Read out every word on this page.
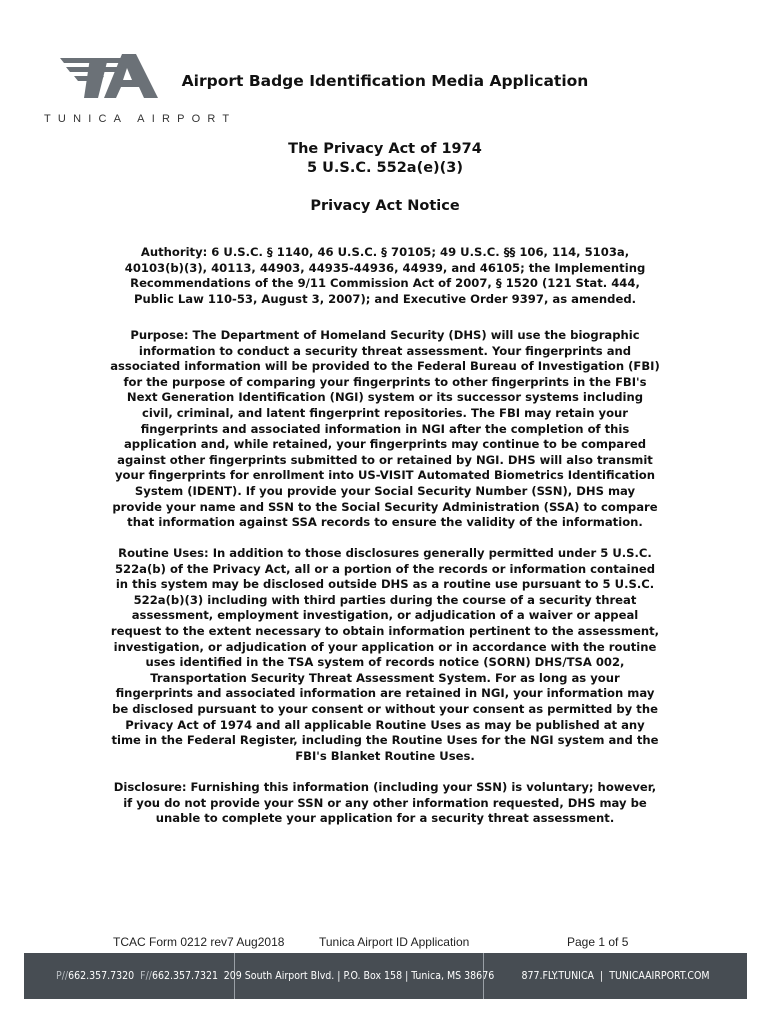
TUNICA AIRPORT
Airport Badge Identification Media Application
The Privacy Act of 1974
5 U.S.C. 552a(e)(3)
Privacy Act Notice
Authority: 6 U.S.C. § 1140, 46 U.S.C. § 70105; 49 U.S.C. §§ 106, 114, 5103a, 40103(b)(3), 40113, 44903, 44935-44936, 44939, and 46105; the Implementing Recommendations of the 9/11 Commission Act of 2007, § 1520 (121 Stat. 444, Public Law 110-53, August 3, 2007); and Executive Order 9397, as amended.
Purpose: The Department of Homeland Security (DHS) will use the biographic information to conduct a security threat assessment. Your fingerprints and associated information will be provided to the Federal Bureau of Investigation (FBI) for the purpose of comparing your fingerprints to other fingerprints in the FBI's Next Generation Identification (NGI) system or its successor systems including civil, criminal, and latent fingerprint repositories. The FBI may retain your fingerprints and associated information in NGI after the completion of this application and, while retained, your fingerprints may continue to be compared against other fingerprints submitted to or retained by NGI. DHS will also transmit your fingerprints for enrollment into US-VISIT Automated Biometrics Identification System (IDENT). If you provide your Social Security Number (SSN), DHS may provide your name and SSN to the Social Security Administration (SSA) to compare that information against SSA records to ensure the validity of the information.
Routine Uses: In addition to those disclosures generally permitted under 5 U.S.C. 522a(b) of the Privacy Act, all or a portion of the records or information contained in this system may be disclosed outside DHS as a routine use pursuant to 5 U.S.C. 522a(b)(3) including with third parties during the course of a security threat assessment, employment investigation, or adjudication of a waiver or appeal request to the extent necessary to obtain information pertinent to the assessment, investigation, or adjudication of your application or in accordance with the routine uses identified in the TSA system of records notice (SORN) DHS/TSA 002, Transportation Security Threat Assessment System. For as long as your fingerprints and associated information are retained in NGI, your information may be disclosed pursuant to your consent or without your consent as permitted by the Privacy Act of 1974 and all applicable Routine Uses as may be published at any time in the Federal Register, including the Routine Uses for the NGI system and the FBI's Blanket Routine Uses.
Disclosure: Furnishing this information (including your SSN) is voluntary; however, if you do not provide your SSN or any other information requested, DHS may be unable to complete your application for a security threat assessment.
TCAC Form 0212 rev7 Aug2018	Tunica Airport ID Application	Page 1 of 5
P// 662.357.7320
F// 662.357.7321 209 South Airport Blvd. | P.O. Box 158 | Tunica, MS 38676	877.FLY.TUNICA | TUNICAAIRPORT.COM
